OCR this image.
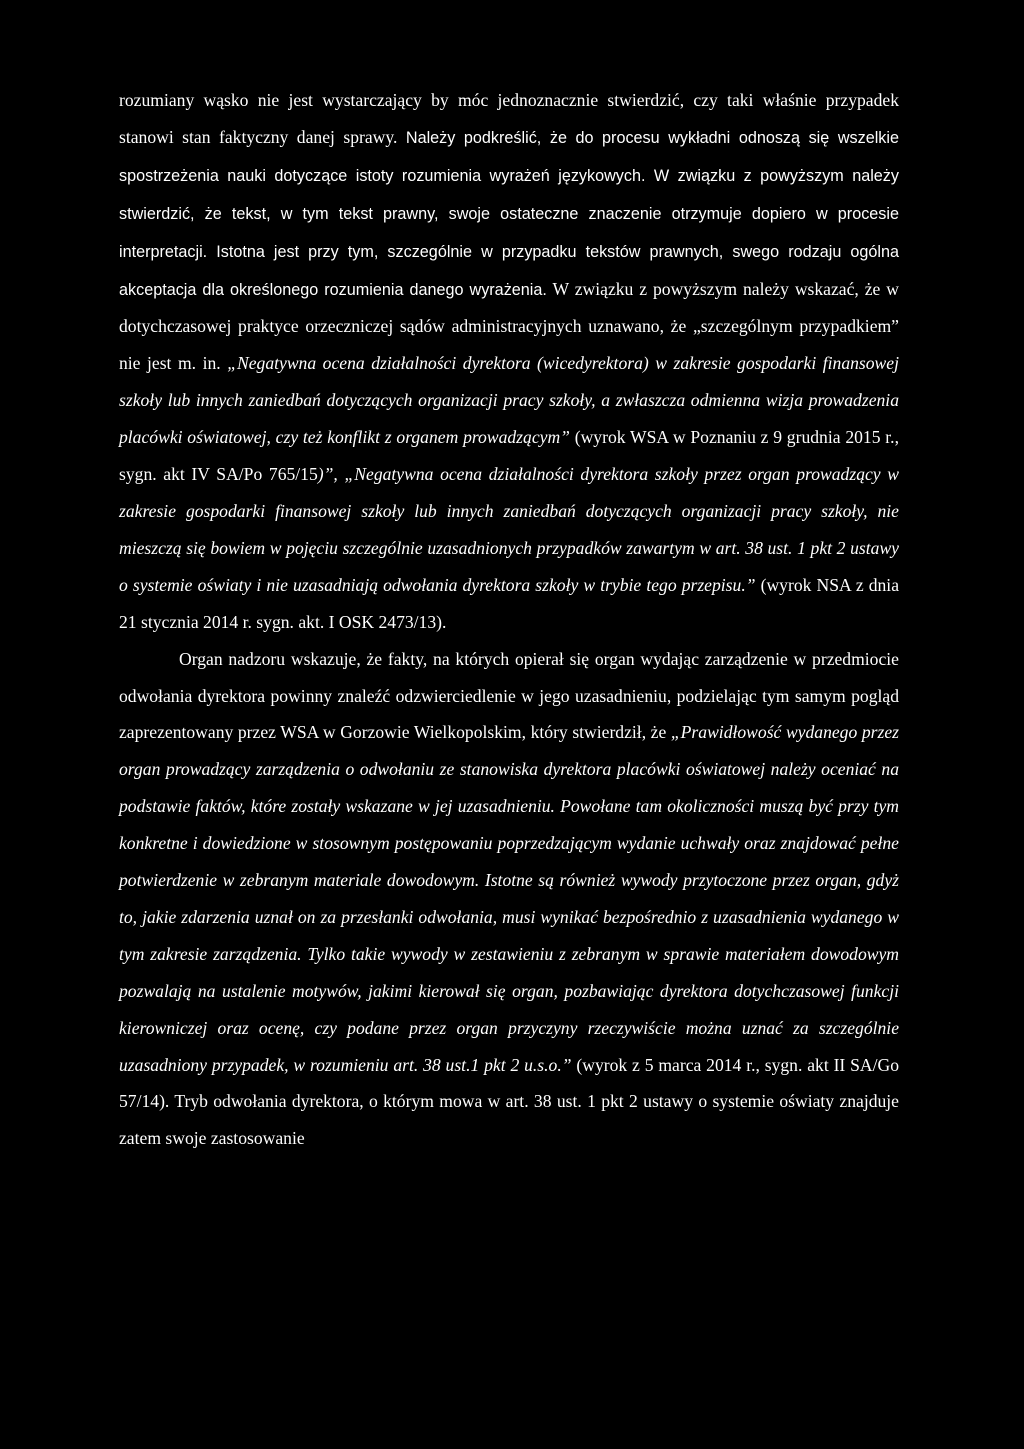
rozumiany wąsko nie jest wystarczający by móc jednoznacznie stwierdzić, czy taki właśnie przypadek stanowi stan faktyczny danej sprawy. Należy podkreślić, że do procesu wykładni odnoszą się wszelkie spostrzeżenia nauki dotyczące istoty rozumienia wyrażeń językowych. W związku z powyższym należy stwierdzić, że tekst, w tym tekst prawny, swoje ostateczne znaczenie otrzymuje dopiero w procesie interpretacji. Istotna jest przy tym, szczególnie w przypadku tekstów prawnych, swego rodzaju ogólna akceptacja dla określonego rozumienia danego wyrażenia. W związku z powyższym należy wskazać, że w dotychczasowej praktyce orzeczniczej sądów administracyjnych uznawano, że „szczególnym przypadkiem” nie jest m. in. „Negatywna ocena działalności dyrektora (wicedyrektora) w zakresie gospodarki finansowej szkoły lub innych zaniedbań dotyczących organizacji pracy szkoły, a zwłaszcza odmienna wizja prowadzenia placówki oświatowej, czy też konflikt z organem prowadzącym” (wyrok WSA w Poznaniu z 9 grudnia 2015 r., sygn. akt IV SA/Po 765/15)”, „Negatywna ocena działalności dyrektora szkoły przez organ prowadzący w zakresie gospodarki finansowej szkoły lub innych zaniedbań dotyczących organizacji pracy szkoły, nie mieszczą się bowiem w pojęciu szczególnie uzasadnionych przypadków zawartym w art. 38 ust. 1 pkt 2 ustawy o systemie oświaty i nie uzasadniają odwołania dyrektora szkoły w trybie tego przepisu.” (wyrok NSA z dnia 21 stycznia 2014 r. sygn. akt. I OSK 2473/13).

Organ nadzoru wskazuje, że fakty, na których opierał się organ wydając zarządzenie w przedmiocie odwołania dyrektora powinny znaleźć odzwierciedlenie w jego uzasadnieniu, podzielając tym samym pogląd zaprezentowany przez WSA w Gorzowie Wielkopolskim, który stwierdził, że „Prawidłowość wydanego przez organ prowadzący zarządzenia o odwołaniu ze stanowiska dyrektora placówki oświatowej należy oceniać na podstawie faktów, które zostały wskazane w jej uzasadnieniu. Powołane tam okoliczności muszą być przy tym konkretne i dowiedzione w stosownym postępowaniu poprzedzającym wydanie uchwały oraz znajdować pełne potwierdzenie w zebranym materiale dowodowym. Istotne są również wywody przytoczone przez organ, gdyż to, jakie zdarzenia uznał on za przesłanki odwołania, musi wynikać bezpośrednio z uzasadnienia wydanego w tym zakresie zarządzenia. Tylko takie wywody w zestawieniu z zebranym w sprawie materiałem dowodowym pozwalają na ustalenie motywów, jakimi kierował się organ, pozbawiając dyrektora dotychczasowej funkcji kierowniczej oraz ocenę, czy podane przez organ przyczyny rzeczywiście można uznać za szczególnie uzasadniony przypadek, w rozumieniu art. 38 ust.1 pkt 2 u.s.o.” (wyrok z 5 marca 2014 r., sygn. akt II SA/Go 57/14). Tryb odwołania dyrektora, o którym mowa w art. 38 ust. 1 pkt 2 ustawy o systemie oświaty znajduje zatem swoje zastosowanie
